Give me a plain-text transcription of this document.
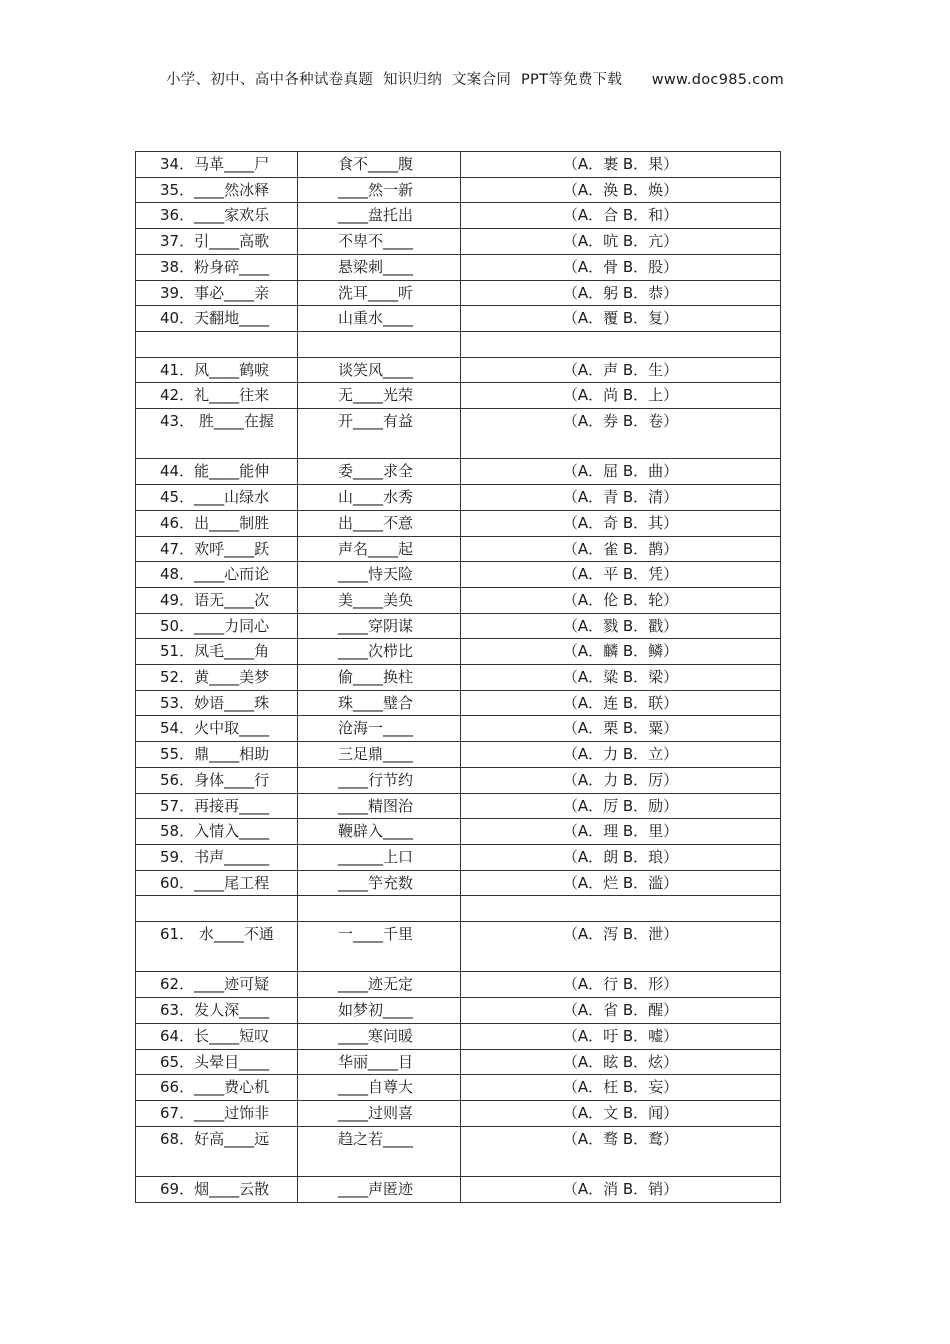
小学、初中、高中各种试卷真题  知识归纳  文案合同  PPT等免费下载      www.doc985.com
34．马革____尸	食不____腹	（A．裹 B．果）
35．____然冰释	____然一新	（A．涣 B．焕）
36．____家欢乐	____盘托出	（A．合 B．和）
37．引____高歌	不卑不____	（A．吭 B．亢）
38．粉身碎____	悬梁刺____	（A．骨 B．股）
39．事必____亲	洗耳____听	（A．躬 B．恭）
40．天翻地____	山重水____	（A．覆 B．复）

41．风____鹤唳	谈笑风____	（A．声 B．生）
42．礼____往来	无____光荣	（A．尚 B．上）
43． 胜____在握	开____有益	（A．券 B．卷）
44．能____能伸	委____求全	（A．屈 B．曲）
45．____山绿水	山____水秀	（A．青 B．清）
46．出____制胜	出____不意	（A．奇 B．其）
47．欢呼____跃	声名____起	（A．雀 B．鹊）
48．____心而论	____恃天险	（A．平 B．凭）
49．语无____次	美____美奂	（A．伦 B．轮）
50．____力同心	____穿阴谋	（A．戮 B．戳）
51．凤毛____角	____次栉比	（A．麟 B．鳞）
52．黄____美梦	偷____换柱	（A．粱 B．梁）
53．妙语____珠	珠____璧合	（A．连 B．联）
54．火中取____	沧海一____	（A．栗 B．粟）
55．鼎____相助	三足鼎____	（A．力 B．立）
56．身体____行	____行节约	（A．力 B．厉）
57．再接再____	____精图治	（A．厉 B．励）
58．入情入____	鞭辟入____	（A．理 B．里）
59．书声______	______上口	（A．朗 B．琅）
60．____尾工程	____竽充数	（A．烂 B．滥）

61． 水____不通	一____千里	（A．泻 B．泄）
62．____迹可疑	____迹无定	（A．行 B．形）
63．发人深____	如梦初____	（A．省 B．醒）
64．长____短叹	____寒问暖	（A．吁 B．嘘）
65．头晕目____	华丽____目	（A．眩 B．炫）
66．____费心机	____自尊大	（A．枉 B．妄）
67．____过饰非	____过则喜	（A．文 B．闻）
68．好高____远	趋之若____	（A．骛 B．鹜）
69．烟____云散	____声匿迹	（A．消 B．销）
